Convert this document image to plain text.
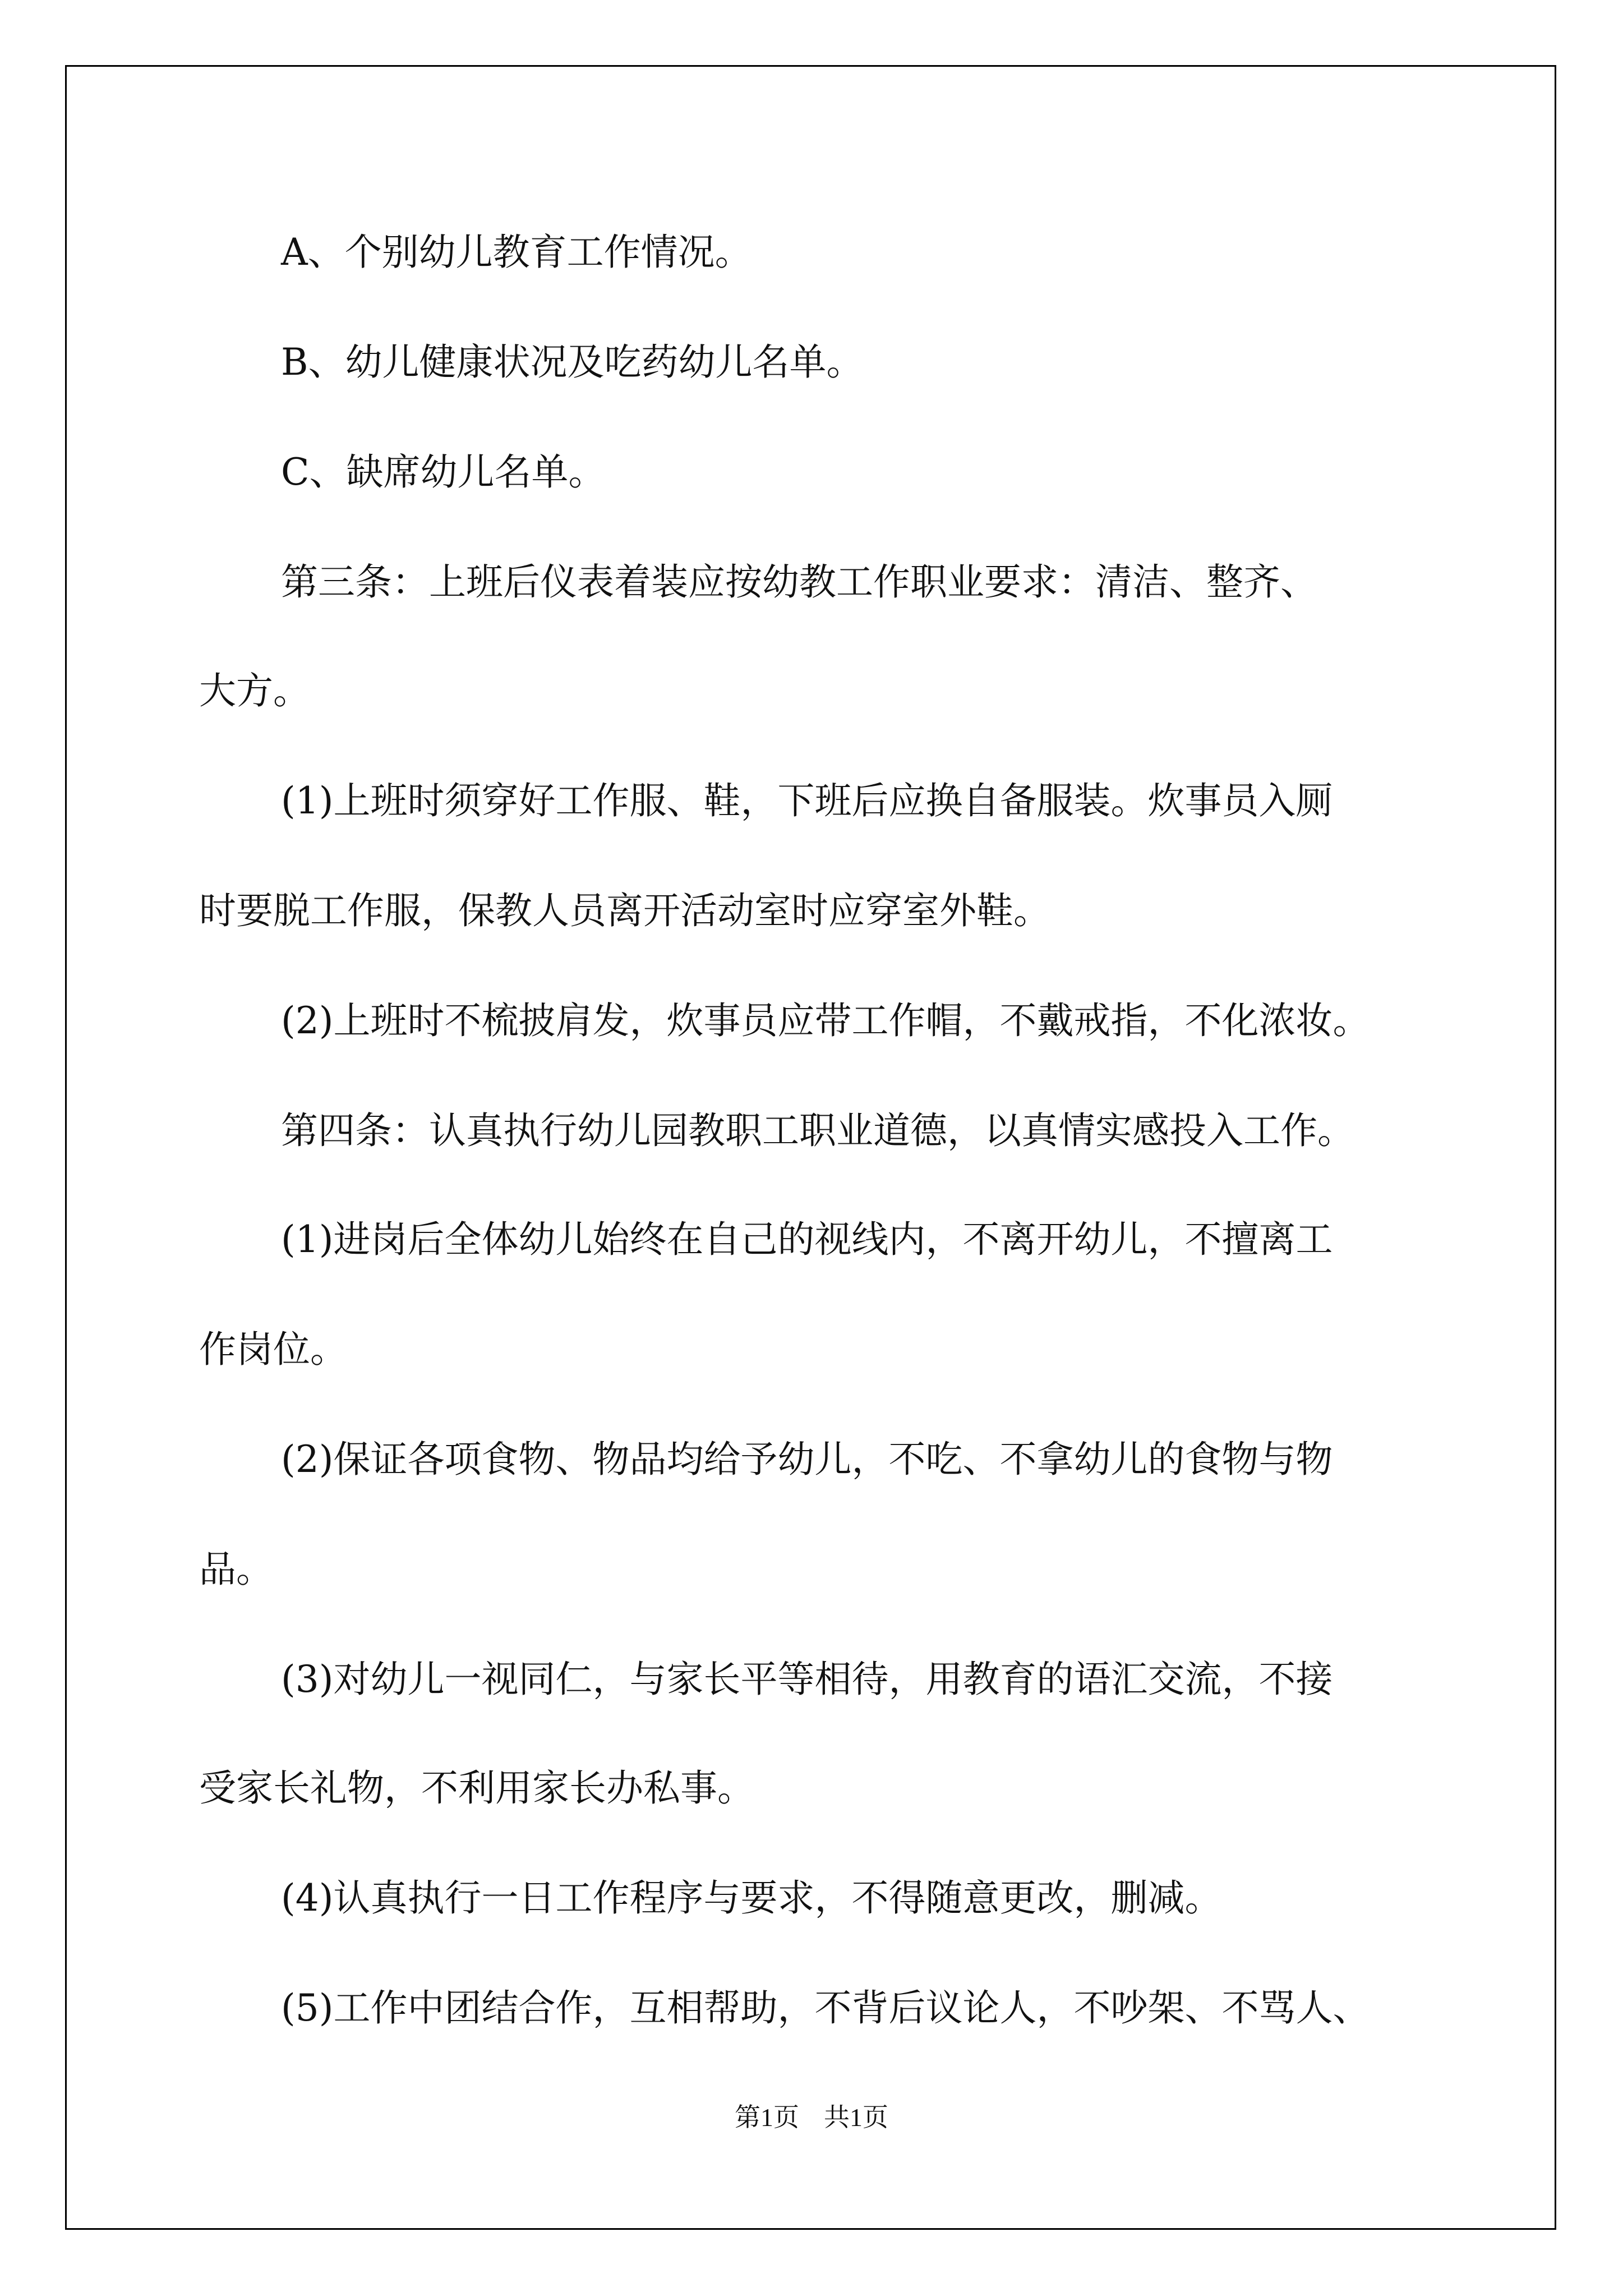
A、个别幼儿教育工作情况。
B、幼儿健康状况及吃药幼儿名单。
C、缺席幼儿名单。
第三条：上班后仪表着装应按幼教工作职业要求：清洁、整齐、
大方。
(1)上班时须穿好工作服、鞋，下班后应换自备服装。炊事员入厕
时要脱工作服，保教人员离开活动室时应穿室外鞋。
(2)上班时不梳披肩发，炊事员应带工作帽，不戴戒指，不化浓妆。
第四条：认真执行幼儿园教职工职业道德，以真情实感投入工作。
(1)进岗后全体幼儿始终在自己的视线内，不离开幼儿，不擅离工
作岗位。
(2)保证各项食物、物品均给予幼儿，不吃、不拿幼儿的食物与物
品。
(3)对幼儿一视同仁，与家长平等相待，用教育的语汇交流，不接
受家长礼物，不利用家长办私事。
(4)认真执行一日工作程序与要求，不得随意更改，删减。
(5)工作中团结合作，互相帮助，不背后议论人，不吵架、不骂人、
第1页 共1页
